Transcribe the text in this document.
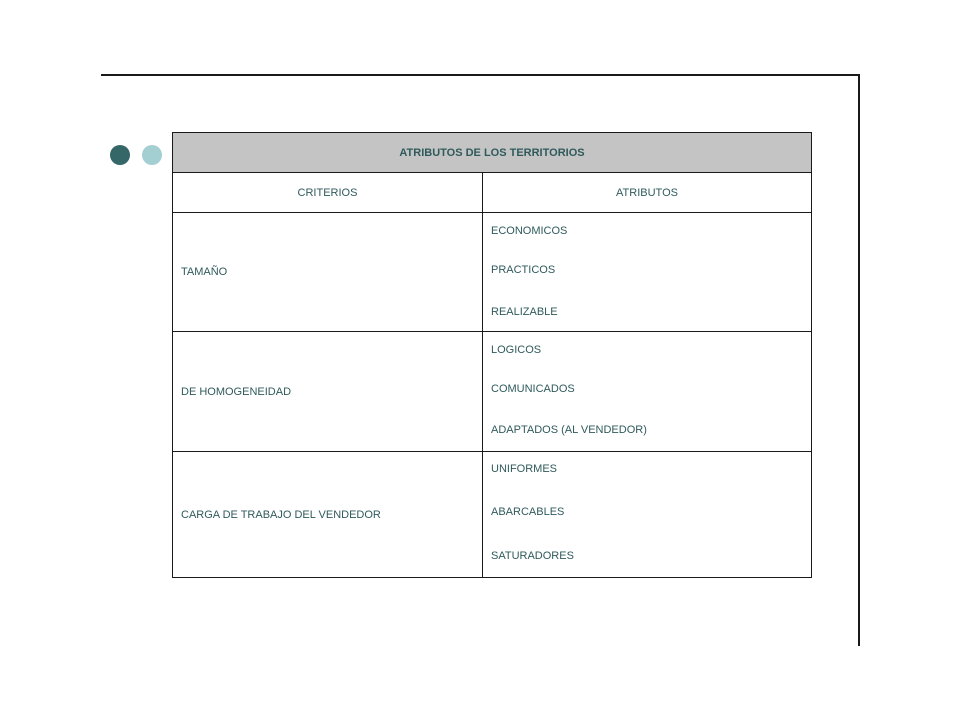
ATRIBUTOS DE LOS TERRITORIOS	
CRITERIOS	ATRIBUTOS
TAMAÑO	ECONOMICOS
PRACTICOS
REALIZABLE

DE HOMOGENEIDAD	LOGICOS
COMUNICADOS
ADAPTADOS (AL VENDEDOR)

CARGA DE TRABAJO DEL VENDEDOR	UNIFORMES
ABARCABLES
SATURADORES
